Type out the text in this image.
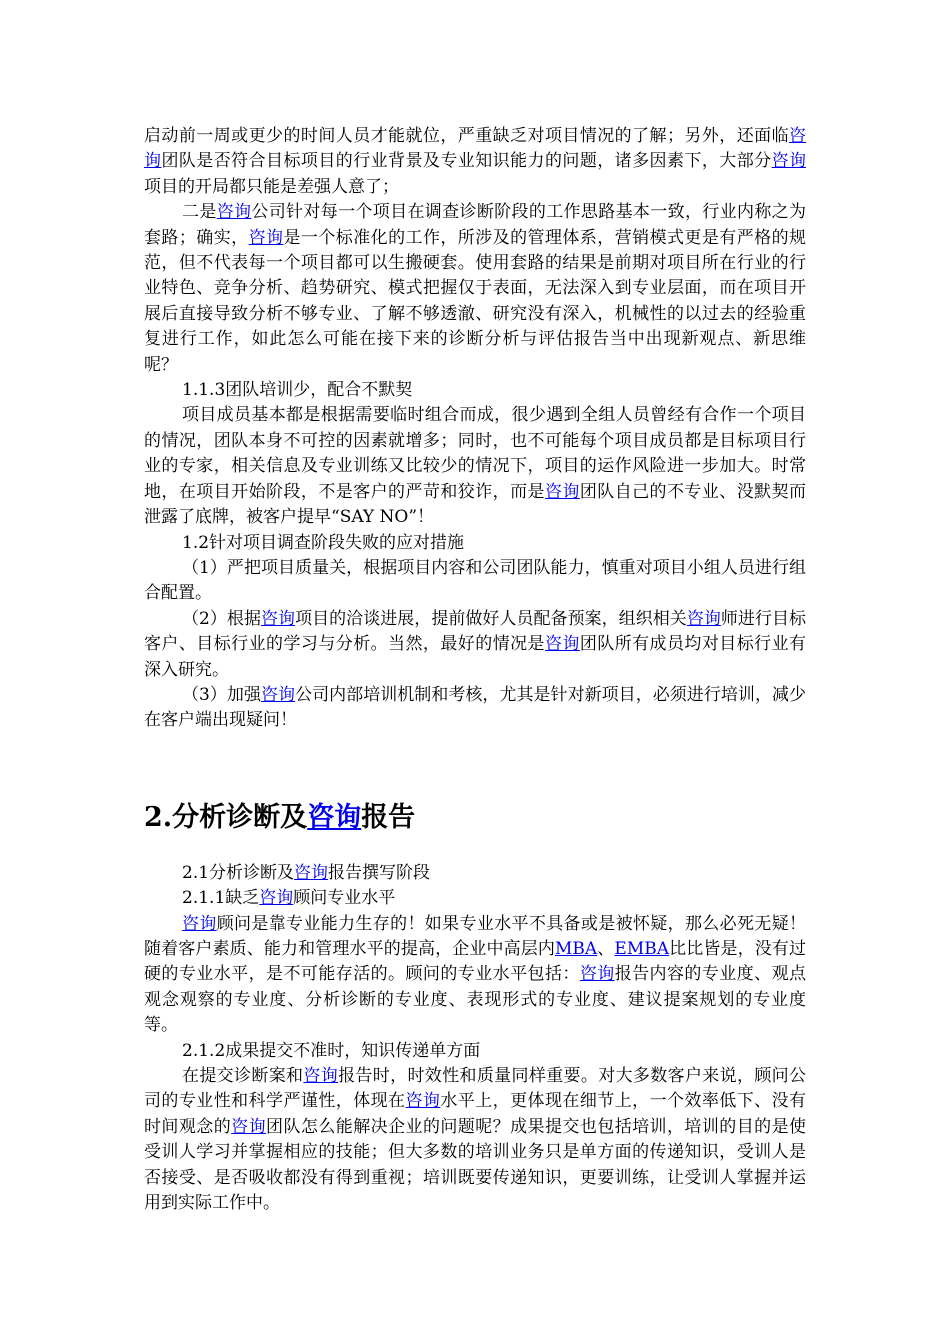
启动前一周或更少的时间人员才能就位，严重缺乏对项目情况的了解；另外，还面临咨询团队是否符合目标项目的行业背景及专业知识能力的问题，诸多因素下，大部分咨询项目的开局都只能是差强人意了；

二是咨询公司针对每一个项目在调查诊断阶段的工作思路基本一致，行业内称之为套路；确实，咨询是一个标准化的工作，所涉及的管理体系，营销模式更是有严格的规范，但不代表每一个项目都可以生搬硬套。使用套路的结果是前期对项目所在行业的行业特色、竞争分析、趋势研究、模式把握仅于表面，无法深入到专业层面，而在项目开展后直接导致分析不够专业、了解不够透澈、研究没有深入，机械性的以过去的经验重复进行工作，如此怎么可能在接下来的诊断分析与评估报告当中出现新观点、新思维呢？

1.1.3团队培训少，配合不默契

项目成员基本都是根据需要临时组合而成，很少遇到全组人员曾经有合作一个项目的情况，团队本身不可控的因素就增多；同时，也不可能每个项目成员都是目标项目行业的专家，相关信息及专业训练又比较少的情况下，项目的运作风险进一步加大。时常地，在项目开始阶段，不是客户的严苛和狡诈，而是咨询团队自己的不专业、没默契而泄露了底牌，被客户提早“SAY NO”！

1.2针对项目调查阶段失败的应对措施

（1）严把项目质量关，根据项目内容和公司团队能力，慎重对项目小组人员进行组合配置。

（2）根据咨询项目的洽谈进展，提前做好人员配备预案，组织相关咨询师进行目标客户、目标行业的学习与分析。当然，最好的情况是咨询团队所有成员均对目标行业有深入研究。

（3）加强咨询公司内部培训机制和考核，尤其是针对新项目，必须进行培训，减少在客户端出现疑问！

2.分析诊断及咨询报告

2.1分析诊断及咨询报告撰写阶段

2.1.1缺乏咨询顾问专业水平

咨询顾问是靠专业能力生存的！如果专业水平不具备或是被怀疑，那么必死无疑！随着客户素质、能力和管理水平的提高，企业中高层内MBA、EMBA比比皆是，没有过硬的专业水平，是不可能存活的。顾问的专业水平包括：咨询报告内容的专业度、观点观念观察的专业度、分析诊断的专业度、表现形式的专业度、建议提案规划的专业度等。

2.1.2成果提交不准时，知识传递单方面

在提交诊断案和咨询报告时，时效性和质量同样重要。对大多数客户来说，顾问公司的专业性和科学严谨性，体现在咨询水平上，更体现在细节上，一个效率低下、没有时间观念的咨询团队怎么能解决企业的问题呢？成果提交也包括培训，培训的目的是使受训人学习并掌握相应的技能；但大多数的培训业务只是单方面的传递知识，受训人是否接受、是否吸收都没有得到重视；培训既要传递知识，更要训练，让受训人掌握并运用到实际工作中。
